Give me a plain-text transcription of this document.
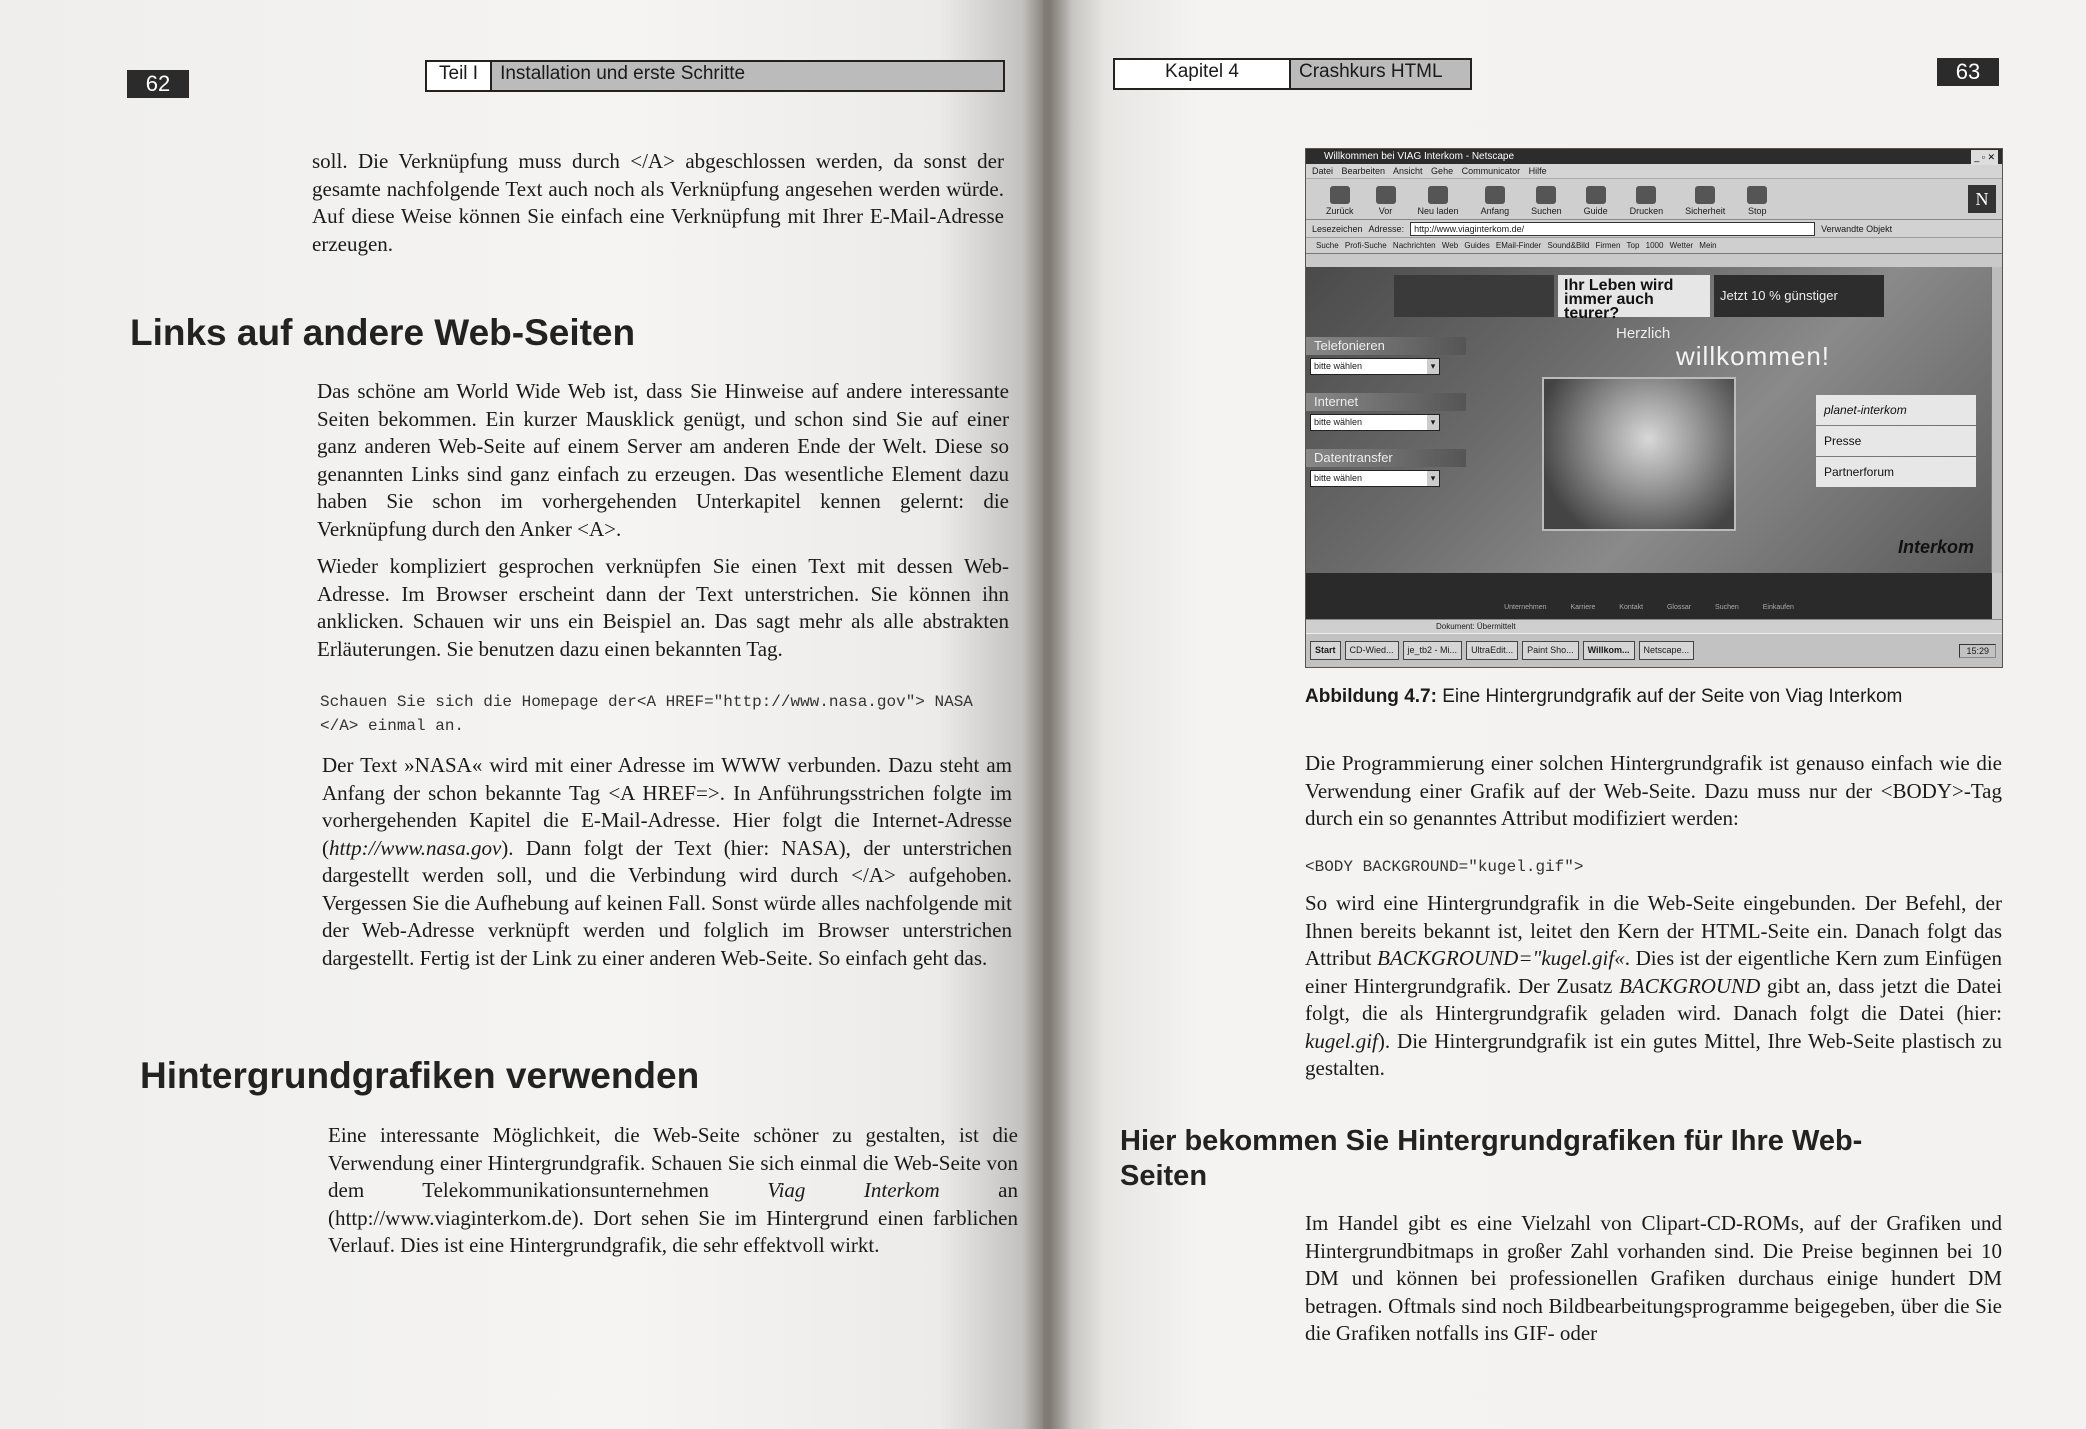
62	Teil I	Installation und erste Schritte

soll. Die Verknüpfung muss durch </A> abgeschlossen werden, da sonst der gesamte nachfolgende Text auch noch als Verknüpfung angesehen werden würde. Auf diese Weise können Sie einfach eine Verknüpfung mit Ihrer E-Mail-Adresse erzeugen.

Links auf andere Web-Seiten

Das schöne am World Wide Web ist, dass Sie Hinweise auf andere interessante Seiten bekommen. Ein kurzer Mausklick genügt, und schon sind Sie auf einer ganz anderen Web-Seite auf einem Server am anderen Ende der Welt. Diese so genannten Links sind ganz einfach zu erzeugen. Das wesentliche Element dazu haben Sie schon im vorhergehenden Unterkapitel kennen gelernt: die Verknüpfung durch den Anker <A>.

Wieder kompliziert gesprochen verknüpfen Sie einen Text mit dessen Web-Adresse. Im Browser erscheint dann der Text unterstrichen. Sie können ihn anklicken. Schauen wir uns ein Beispiel an. Das sagt mehr als alle abstrakten Erläuterungen. Sie benutzen dazu einen bekannten Tag.

Schauen Sie sich die Homepage der<A HREF="http://www.nasa.gov"> NASA </A> einmal an.

Der Text »NASA« wird mit einer Adresse im WWW verbunden. Dazu steht am Anfang der schon bekannte Tag <A HREF=>. In Anführungsstrichen folgte im vorhergehenden Kapitel die E-Mail-Adresse. Hier folgt die Internet-Adresse (http://www.nasa.gov). Dann folgt der Text (hier: NASA), der unterstrichen dargestellt werden soll, und die Verbindung wird durch </A> aufgehoben. Vergessen Sie die Aufhebung auf keinen Fall. Sonst würde alles nachfolgende mit der Web-Adresse verknüpft werden und folglich im Browser unterstrichen dargestellt. Fertig ist der Link zu einer anderen Web-Seite. So einfach geht das.

Hintergrundgrafiken verwenden

Eine interessante Möglichkeit, die Web-Seite schöner zu gestalten, ist die Verwendung einer Hintergrundgrafik. Schauen Sie sich einmal die Web-Seite von dem Telekommunikationsunternehmen Viag Interkom an (http://www.viaginterkom.de). Dort sehen Sie im Hintergrund einen farblichen Verlauf. Dies ist eine Hintergrundgrafik, die sehr effektvoll wirkt.

Kapitel 4	Crashkurs HTML	63
Willkommen bei VIAG Interkom - Netscape	_ ▫ ✕
Datei Bearbeiten Ansicht Gehe Communicator Hilfe
Zurück	Vor	Neu laden Anfang Suchen Guide Drucken Sicherheit	Stop
N
Lesezeichen Adresse:	http://www.viaginterkom.de/	Verwandte Objekt
Suche Profi-Suche Nachrichten Web Guides EMail-Finder Sound&Bild Firmen Top 1000 Wetter Mein
Ihr Leben wird immer auch teurer?
Jetzt 10 % günstiger
Telefonieren
bitte wählen ▾
Internet
bitte wählen ▾
Datentransfer
bitte wählen ▾
Herzlich
willkommen!
planet-interkom
Presse
Partnerforum
Interkom
Unternehmen Karriere Kontakt Glossar Suchen Einkaufen
Dokument: Übermittelt
Start	CD-Wied...	je_tb2 - Mi...	UltraEdit...	Paint Sho...	Willkom...	Netscape...	15:29
Abbildung 4.7: Eine Hintergrundgrafik auf der Seite von Viag Interkom

Die Programmierung einer solchen Hintergrundgrafik ist genauso einfach wie die Verwendung einer Grafik auf der Web-Seite. Dazu muss nur der <BODY>-Tag durch ein so genanntes Attribut modifiziert werden:

<BODY BACKGROUND="kugel.gif">

So wird eine Hintergrundgrafik in die Web-Seite eingebunden. Der Befehl, der Ihnen bereits bekannt ist, leitet den Kern der HTML-Seite ein. Danach folgt das Attribut BACKGROUND="kugel.gif«. Dies ist der eigentliche Kern zum Einfügen einer Hintergrundgrafik. Der Zusatz BACKGROUND gibt an, dass jetzt die Datei folgt, die als Hintergrundgrafik geladen wird. Danach folgt die Datei (hier: kugel.gif). Die Hintergrundgrafik ist ein gutes Mittel, Ihre Web-Seite plastisch zu gestalten.

Hier bekommen Sie Hintergrundgrafiken für Ihre Web-Seiten

Im Handel gibt es eine Vielzahl von Clipart-CD-ROMs, auf der Grafiken und Hintergrundbitmaps in großer Zahl vorhanden sind. Die Preise beginnen bei 10 DM und können bei professionellen Grafiken durchaus einige hundert DM betragen. Oftmals sind noch Bildbearbeitungsprogramme beigegeben, über die Sie die Grafiken notfalls ins GIF- oder
